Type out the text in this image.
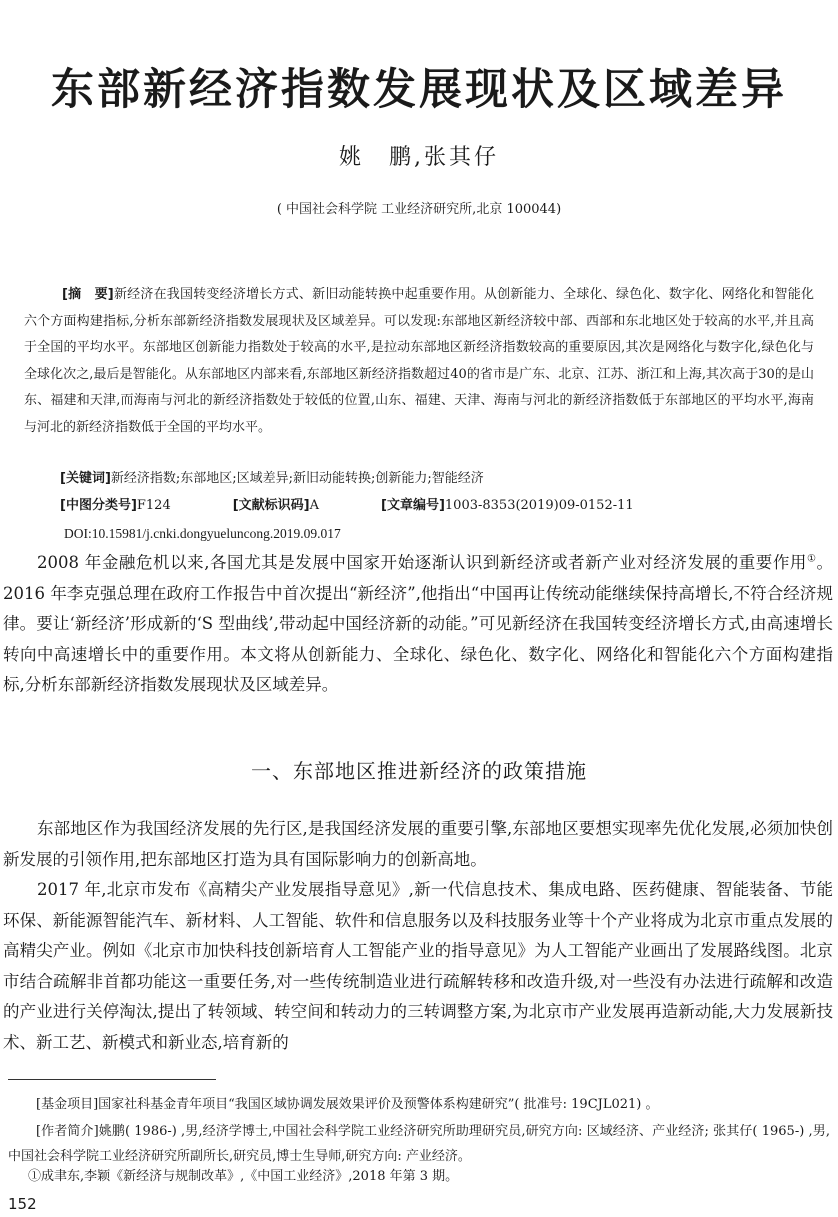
东部新经济指数发展现状及区域差异
姚　鹏,张其仔
( 中国社会科学院 工业经济研究所,北京 100044)
[摘　要]新经济在我国转变经济增长方式、新旧动能转换中起重要作用。从创新能力、全球化、绿色化、数字化、网络化和智能化六个方面构建指标,分析东部新经济指数发展现状及区域差异。可以发现:东部地区新经济较中部、西部和东北地区处于较高的水平,并且高于全国的平均水平。东部地区创新能力指数处于较高的水平,是拉动东部地区新经济指数较高的重要原因,其次是网络化与数字化,绿色化与全球化次之,最后是智能化。从东部地区内部来看,东部地区新经济指数超过40的省市是广东、北京、江苏、浙江和上海,其次高于30的是山东、福建和天津,而海南与河北的新经济指数处于较低的位置,山东、福建、天津、海南与河北的新经济指数低于东部地区的平均水平,海南与河北的新经济指数低于全国的平均水平。
[关键词]新经济指数;东部地区;区域差异;新旧动能转换;创新能力;智能经济
[中图分类号]F124	[文献标识码]A	[文章编号]1003-8353(2019)09-0152-11
DOI:10.15981/j.cnki.dongyueluncong.2019.09.017
2008 年金融危机以来,各国尤其是发展中国家开始逐渐认识到新经济或者新产业对经济发展的重要作用①。2016 年李克强总理在政府工作报告中首次提出“新经济”,他指出“中国再让传统动能继续保持高增长,不符合经济规律。要让‘新经济’形成新的‘S 型曲线’,带动起中国经济新的动能。”可见新经济在我国转变经济增长方式,由高速增长转向中高速增长中的重要作用。本文将从创新能力、全球化、绿色化、数字化、网络化和智能化六个方面构建指标,分析东部新经济指数发展现状及区域差异。
一、东部地区推进新经济的政策措施
东部地区作为我国经济发展的先行区,是我国经济发展的重要引擎,东部地区要想实现率先优化发展,必须加快创新发展的引领作用,把东部地区打造为具有国际影响力的创新高地。
2017 年,北京市发布《高精尖产业发展指导意见》,新一代信息技术、集成电路、医药健康、智能装备、节能环保、新能源智能汽车、新材料、人工智能、软件和信息服务以及科技服务业等十个产业将成为北京市重点发展的高精尖产业。例如《北京市加快科技创新培育人工智能产业的指导意见》为人工智能产业画出了发展路线图。北京市结合疏解非首都功能这一重要任务,对一些传统制造业进行疏解转移和改造升级,对一些没有办法进行疏解和改造的产业进行关停淘汰,提出了转领域、转空间和转动力的三转调整方案,为北京市产业发展再造新动能,大力发展新技术、新工艺、新模式和新业态,培育新的
[基金项目]国家社科基金青年项目“我国区域协调发展效果评价及预警体系构建研究”( 批准号: 19CJL021) 。
[作者简介]姚鹏( 1986-) ,男,经济学博士,中国社会科学院工业经济研究所助理研究员,研究方向: 区域经济、产业经济; 张其仔( 1965-) ,男,中国社会科学院工业经济研究所副所长,研究员,博士生导师,研究方向: 产业经济。
①成聿东,李颖《新经济与规制改革》,《中国工业经济》,2018 年第 3 期。
152
